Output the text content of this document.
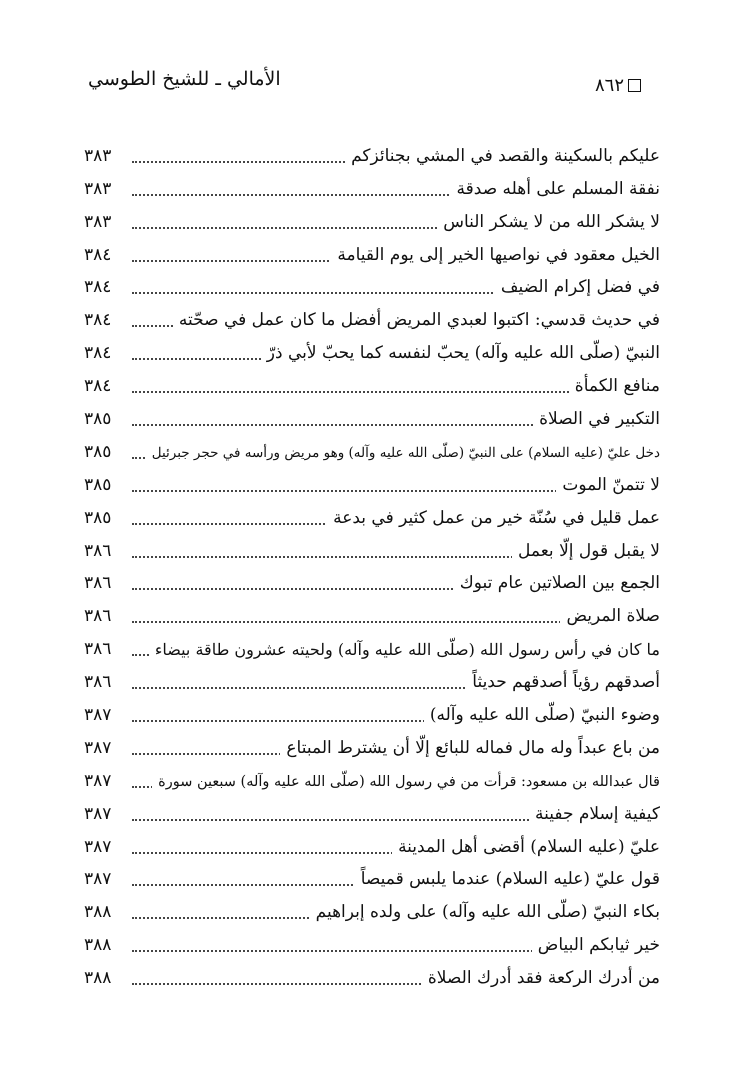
الأمالي ـ للشيخ الطوسي	٨٦٢
عليكم بالسكينة والقصد في المشي بجنائزكم
٣٨٣
نفقة المسلم على أهله صدقة
٣٨٣
لا يشكر الله من لا يشكر الناس
٣٨٣
الخيل معقود في نواصيها الخير إلى يوم القيامة
٣٨٤
في فضل إكرام الضيف
٣٨٤
في حديث قدسي: اكتبوا لعبدي المريض أفضل ما كان عمل في صحّته
٣٨٤
النبيّ (صلّى الله عليه وآله) يحبّ لنفسه كما يحبّ لأبي ذرّ
٣٨٤
منافع الكمأة
٣٨٤
التكبير في الصلاة
٣٨٥
دخل عليّ (عليه السلام) على النبيّ (صلّى الله عليه وآله) وهو مريض ورأسه في حجر جبرئيل
٣٨٥
لا تتمنّ الموت
٣٨٥
عمل قليل في سُنّة خير من عمل كثير في بدعة
٣٨٥
لا يقبل قول إلّا بعمل
٣٨٦
الجمع بين الصلاتين عام تبوك
٣٨٦
صلاة المريض
٣٨٦
ما كان في رأس رسول الله (صلّى الله عليه وآله) ولحيته عشرون طاقة بيضاء
٣٨٦
أصدقهم رؤياً أصدقهم حديثاً
٣٨٦
وضوء النبيّ (صلّى الله عليه وآله)
٣٨٧
من باع عبداً وله مال فماله للبائع إلّا أن يشترط المبتاع
٣٨٧
قال عبدالله بن مسعود: قرأت من في رسول الله (صلّى الله عليه وآله) سبعين سورة
٣٨٧
كيفية إسلام جفينة
٣٨٧
عليّ (عليه السلام) أقضى أهل المدينة
٣٨٧
قول عليّ (عليه السلام) عندما يلبس قميصاً
٣٨٧
بكاء النبيّ (صلّى الله عليه وآله) على ولده إبراهيم
٣٨٨
خير ثيابكم البياض
٣٨٨
من أدرك الركعة فقد أدرك الصلاة
٣٨٨
